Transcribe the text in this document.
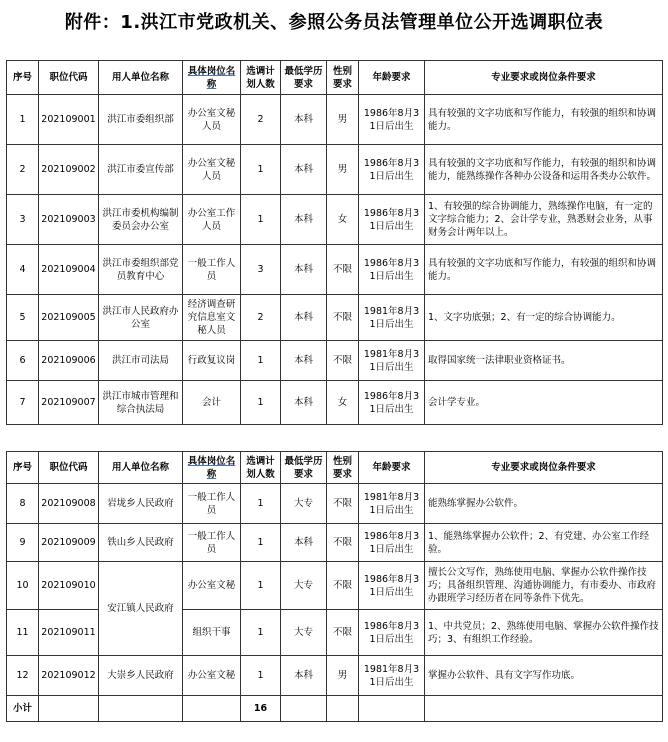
附件：1.洪江市党政机关、参照公务员法管理单位公开选调职位表
序号	职位代码	用人单位名称	具体岗位名称	选调计划人数	最低学历要求	性别要求	年龄要求	专业要求或岗位条件要求
1	202109001	洪江市委组织部	办公室文秘人员	2	本科	男	1986年8月31日后出生	具有较强的文字功底和写作能力，有较强的组织和协调能力。
2	202109002	洪江市委宣传部	办公室文秘人员	1	本科	男	1986年8月31日后出生	具有较强的文字功底和写作能力，有较强的组织和协调能力，能熟练操作各种办公设备和运用各类办公软件。
3	202109003	洪江市委机构编制委员会办公室	办公室工作人员	1	本科	女	1986年8月31日后出生	1、有较强的综合协调能力，熟练操作电脑，有一定的文字综合能力；2、会计学专业，熟悉财会业务，从事财务会计两年以上。
4	202109004	洪江市委组织部党员教育中心	一般工作人员	3	本科	不限	1986年8月31日后出生	具有较强的文字功底和写作能力，有较强的组织和协调能力。
5	202109005	洪江市人民政府办公室	经济调查研究信息室文秘人员	2	本科	不限	1981年8月31日后出生	1、文字功底强；2、有一定的综合协调能力。
6	202109006	洪江市司法局	行政复议岗	1	本科	不限	1981年8月31日后出生	取得国家统一法律职业资格证书。
7	202109007	洪江市城市管理和综合执法局	会计	1	本科	女	1986年8月31日后出生	会计学专业。
序号	职位代码	用人单位名称	具体岗位名称	选调计划人数	最低学历要求	性别要求	年龄要求	专业要求或岗位条件要求
8	202109008	岩垅乡人民政府	一般工作人员	1	大专	不限	1981年8月31日后出生	能熟练掌握办公软件。
9	202109009	铁山乡人民政府	一般工作人员	1	本科	不限	1986年8月31日后出生	1、能熟练掌握办公软件；2、有党建、办公室工作经验。
10	202109010	安江镇人民政府	办公室文秘	1	大专	不限	1986年8月31日后出生	擅长公文写作，熟练使用电脑、掌握办公软件操作技巧；具备组织管理、沟通协调能力，有市委办、市政府办跟班学习经历者在同等条件下优先。
11	202109011		组织干事	1	大专	不限	1986年8月31日后出生	1、中共党员；2、熟练使用电脑、掌握办公软件操作技巧；3、有组织工作经验。
12	202109012	大崇乡人民政府	办公室文秘	1	本科	男	1981年8月31日后出生	掌握办公软件、具有文字写作功底。
小计				16				
